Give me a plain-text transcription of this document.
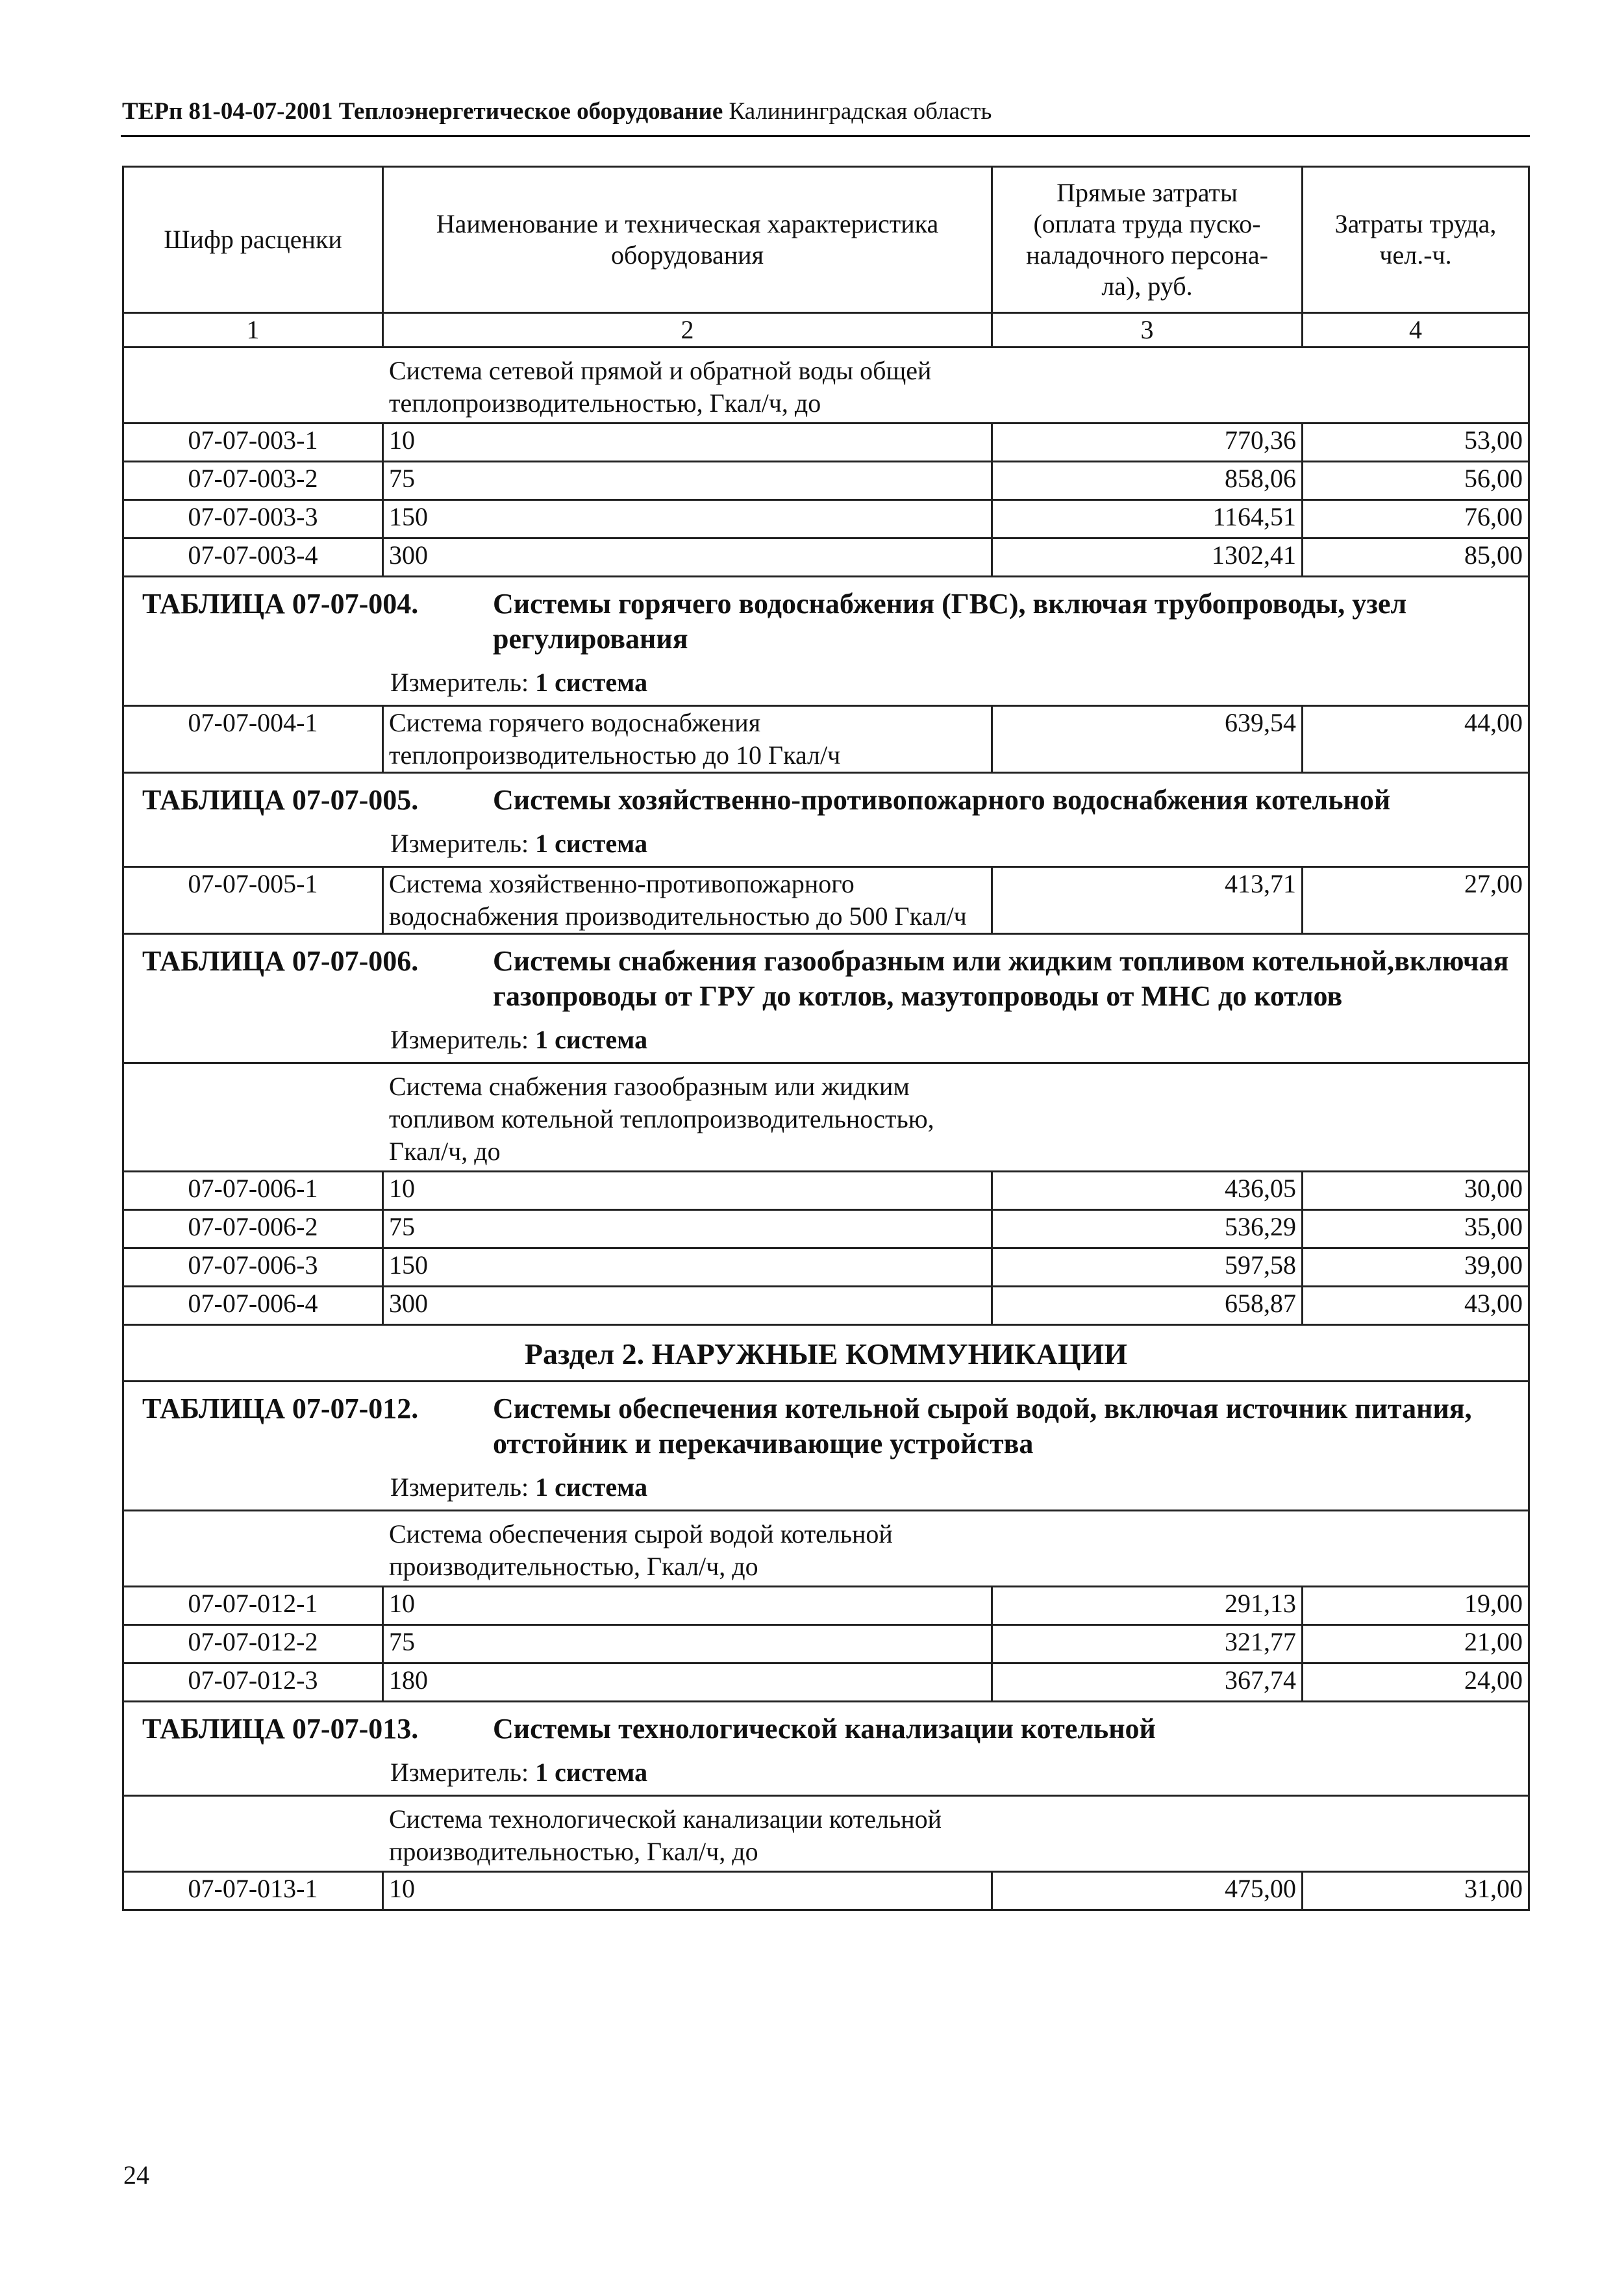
ТЕРп 81-04-07-2001 Теплоэнергетическое оборудование Калининградская область
Шифр расценки	Наименование и техническая характеристика оборудования	Прямые затраты (оплата труда пуско-наладочного персона-ла), руб.	Затраты труда, чел.-ч.
1	2	3	4

Система сетевой прямой и обратной воды общей теплопроизводительностью, Гкал/ч, до			

07-07-003-1	10	770,36	53,00
07-07-003-2	75	858,06	56,00
07-07-003-3	150	1164,51	76,00
07-07-003-4	300	1302,41	85,00

ТАБЛИЦА 07-07-004. Системы горячего водоснабжения (ГВС), включая трубопроводы, узел регулирования
Измеритель: 1 система			

07-07-004-1	Система горячего водоснабжения теплопроизводительностью до 10 Гкал/ч	639,54	44,00

ТАБЛИЦА 07-07-005. Системы хозяйственно-противопожарного водоснабжения котельной
Измеритель: 1 система			

07-07-005-1	Система хозяйственно-противопожарного водоснабжения производительностью до 500 Гкал/ч	413,71	27,00

ТАБЛИЦА 07-07-006. Системы снабжения газообразным или жидким топливом котельной,включая газопроводы от ГРУ до котлов, мазутопроводы от МНС до котлов
Измеритель: 1 система			

Система снабжения газообразным или жидким топливом котельной теплопроизводительностью, Гкал/ч, до			

07-07-006-1	10	436,05	30,00
07-07-006-2	75	536,29	35,00
07-07-006-3	150	597,58	39,00
07-07-006-4	300	658,87	43,00
Раздел 2. НАРУЖНЫЕ КОММУНИКАЦИИ			

ТАБЛИЦА 07-07-012. Системы обеспечения котельной сырой водой, включая источник питания, отстойник и перекачивающие устройства
Измеритель: 1 система			

Система обеспечения сырой водой котельной производительностью, Гкал/ч, до			

07-07-012-1	10	291,13	19,00
07-07-012-2	75	321,77	21,00
07-07-012-3	180	367,74	24,00

ТАБЛИЦА 07-07-013. Системы технологической канализации котельной
Измеритель: 1 система			

Система технологической канализации котельной производительностью, Гкал/ч, до			

07-07-013-1	10	475,00	31,00
24
